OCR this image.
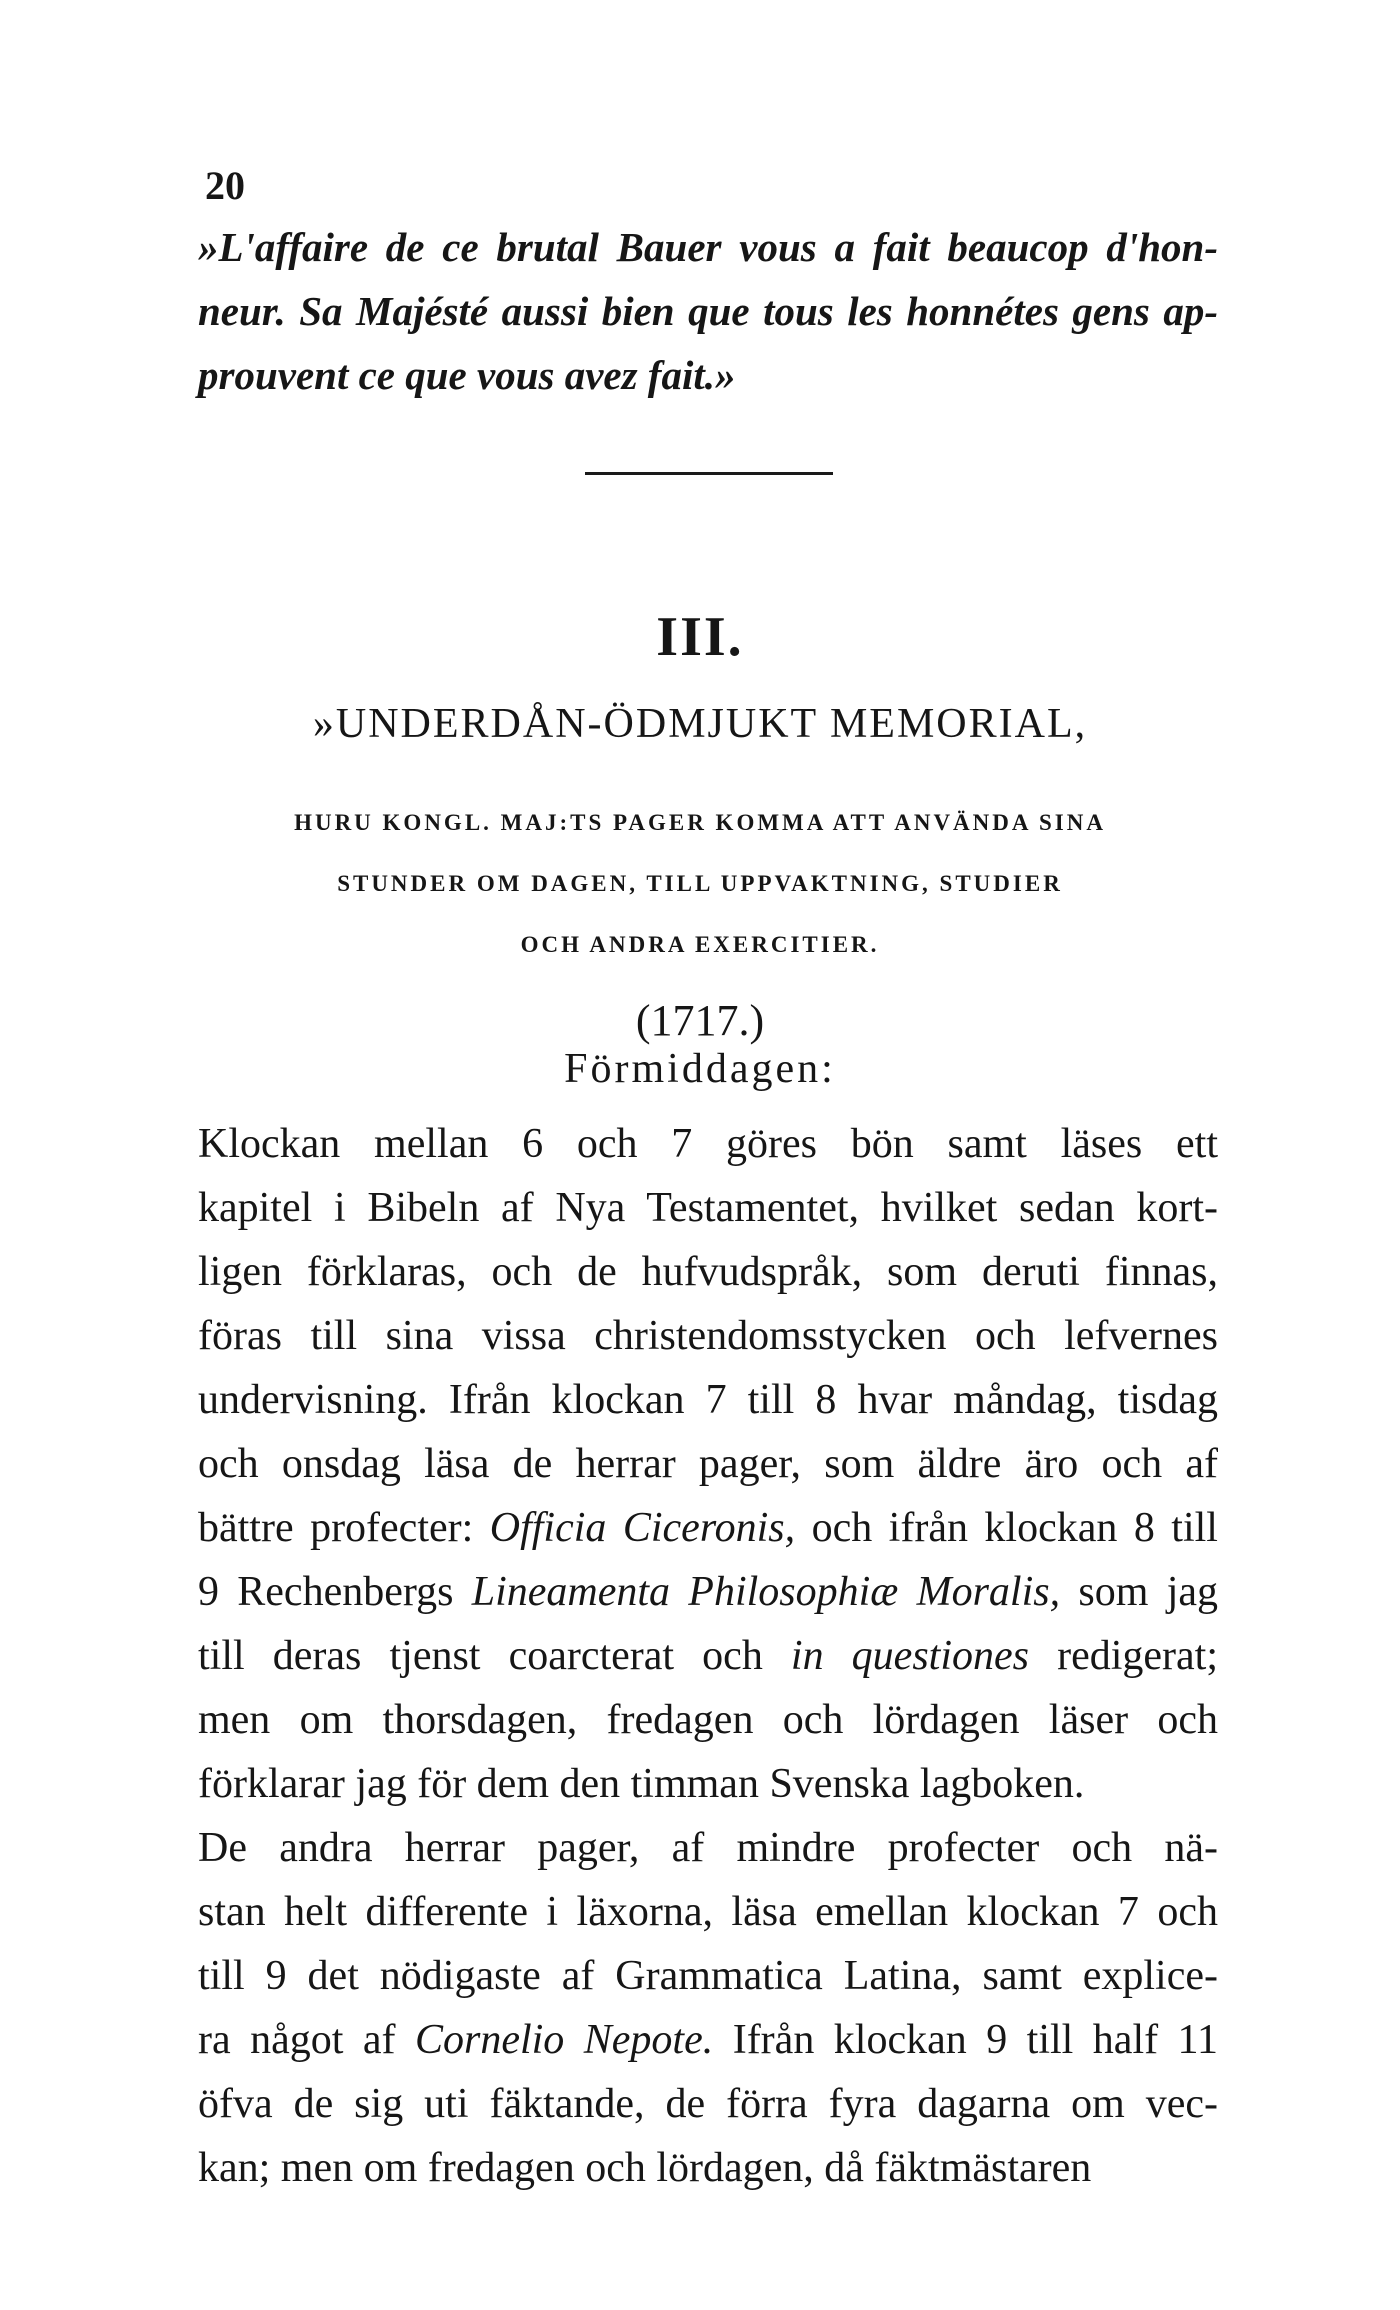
20
»L'affaire de ce brutal Bauer vous a fait beaucop d'hon-
neur. Sa Majésté aussi bien que tous les honnétes gens ap-
prouvent ce que vous avez fait.»
III.
»UNDERDÅN-ÖDMJUKT MEMORIAL,
HURU KONGL. MAJ:TS PAGER KOMMA ATT ANVÄNDA SINA
STUNDER OM DAGEN, TILL UPPVAKTNING, STUDIER
OCH ANDRA EXERCITIER.
(1717.)
Förmiddagen:
Klockan mellan 6 och 7 göres bön samt läses ett
kapitel i Bibeln af Nya Testamentet, hvilket sedan kort-
ligen förklaras, och de hufvudspråk, som deruti finnas,
föras till sina vissa christendomsstycken och lefvernes
undervisning. Ifrån klockan 7 till 8 hvar måndag, tisdag
och onsdag läsa de herrar pager, som äldre äro och af
bättre profecter: Officia Ciceronis, och ifrån klockan 8 till
9 Rechenbergs Lineamenta Philosophiæ Moralis, som jag
till deras tjenst coarcterat och in questiones redigerat;
men om thorsdagen, fredagen och lördagen läser och
förklarar jag för dem den timman Svenska lagboken.
De andra herrar pager, af mindre profecter och nä-
stan helt differente i läxorna, läsa emellan klockan 7 och
till 9 det nödigaste af Grammatica Latina, samt explice-
ra något af Cornelio Nepote. Ifrån klockan 9 till half 11
öfva de sig uti fäktande, de förra fyra dagarna om vec-
kan; men om fredagen och lördagen, då fäktmästaren
